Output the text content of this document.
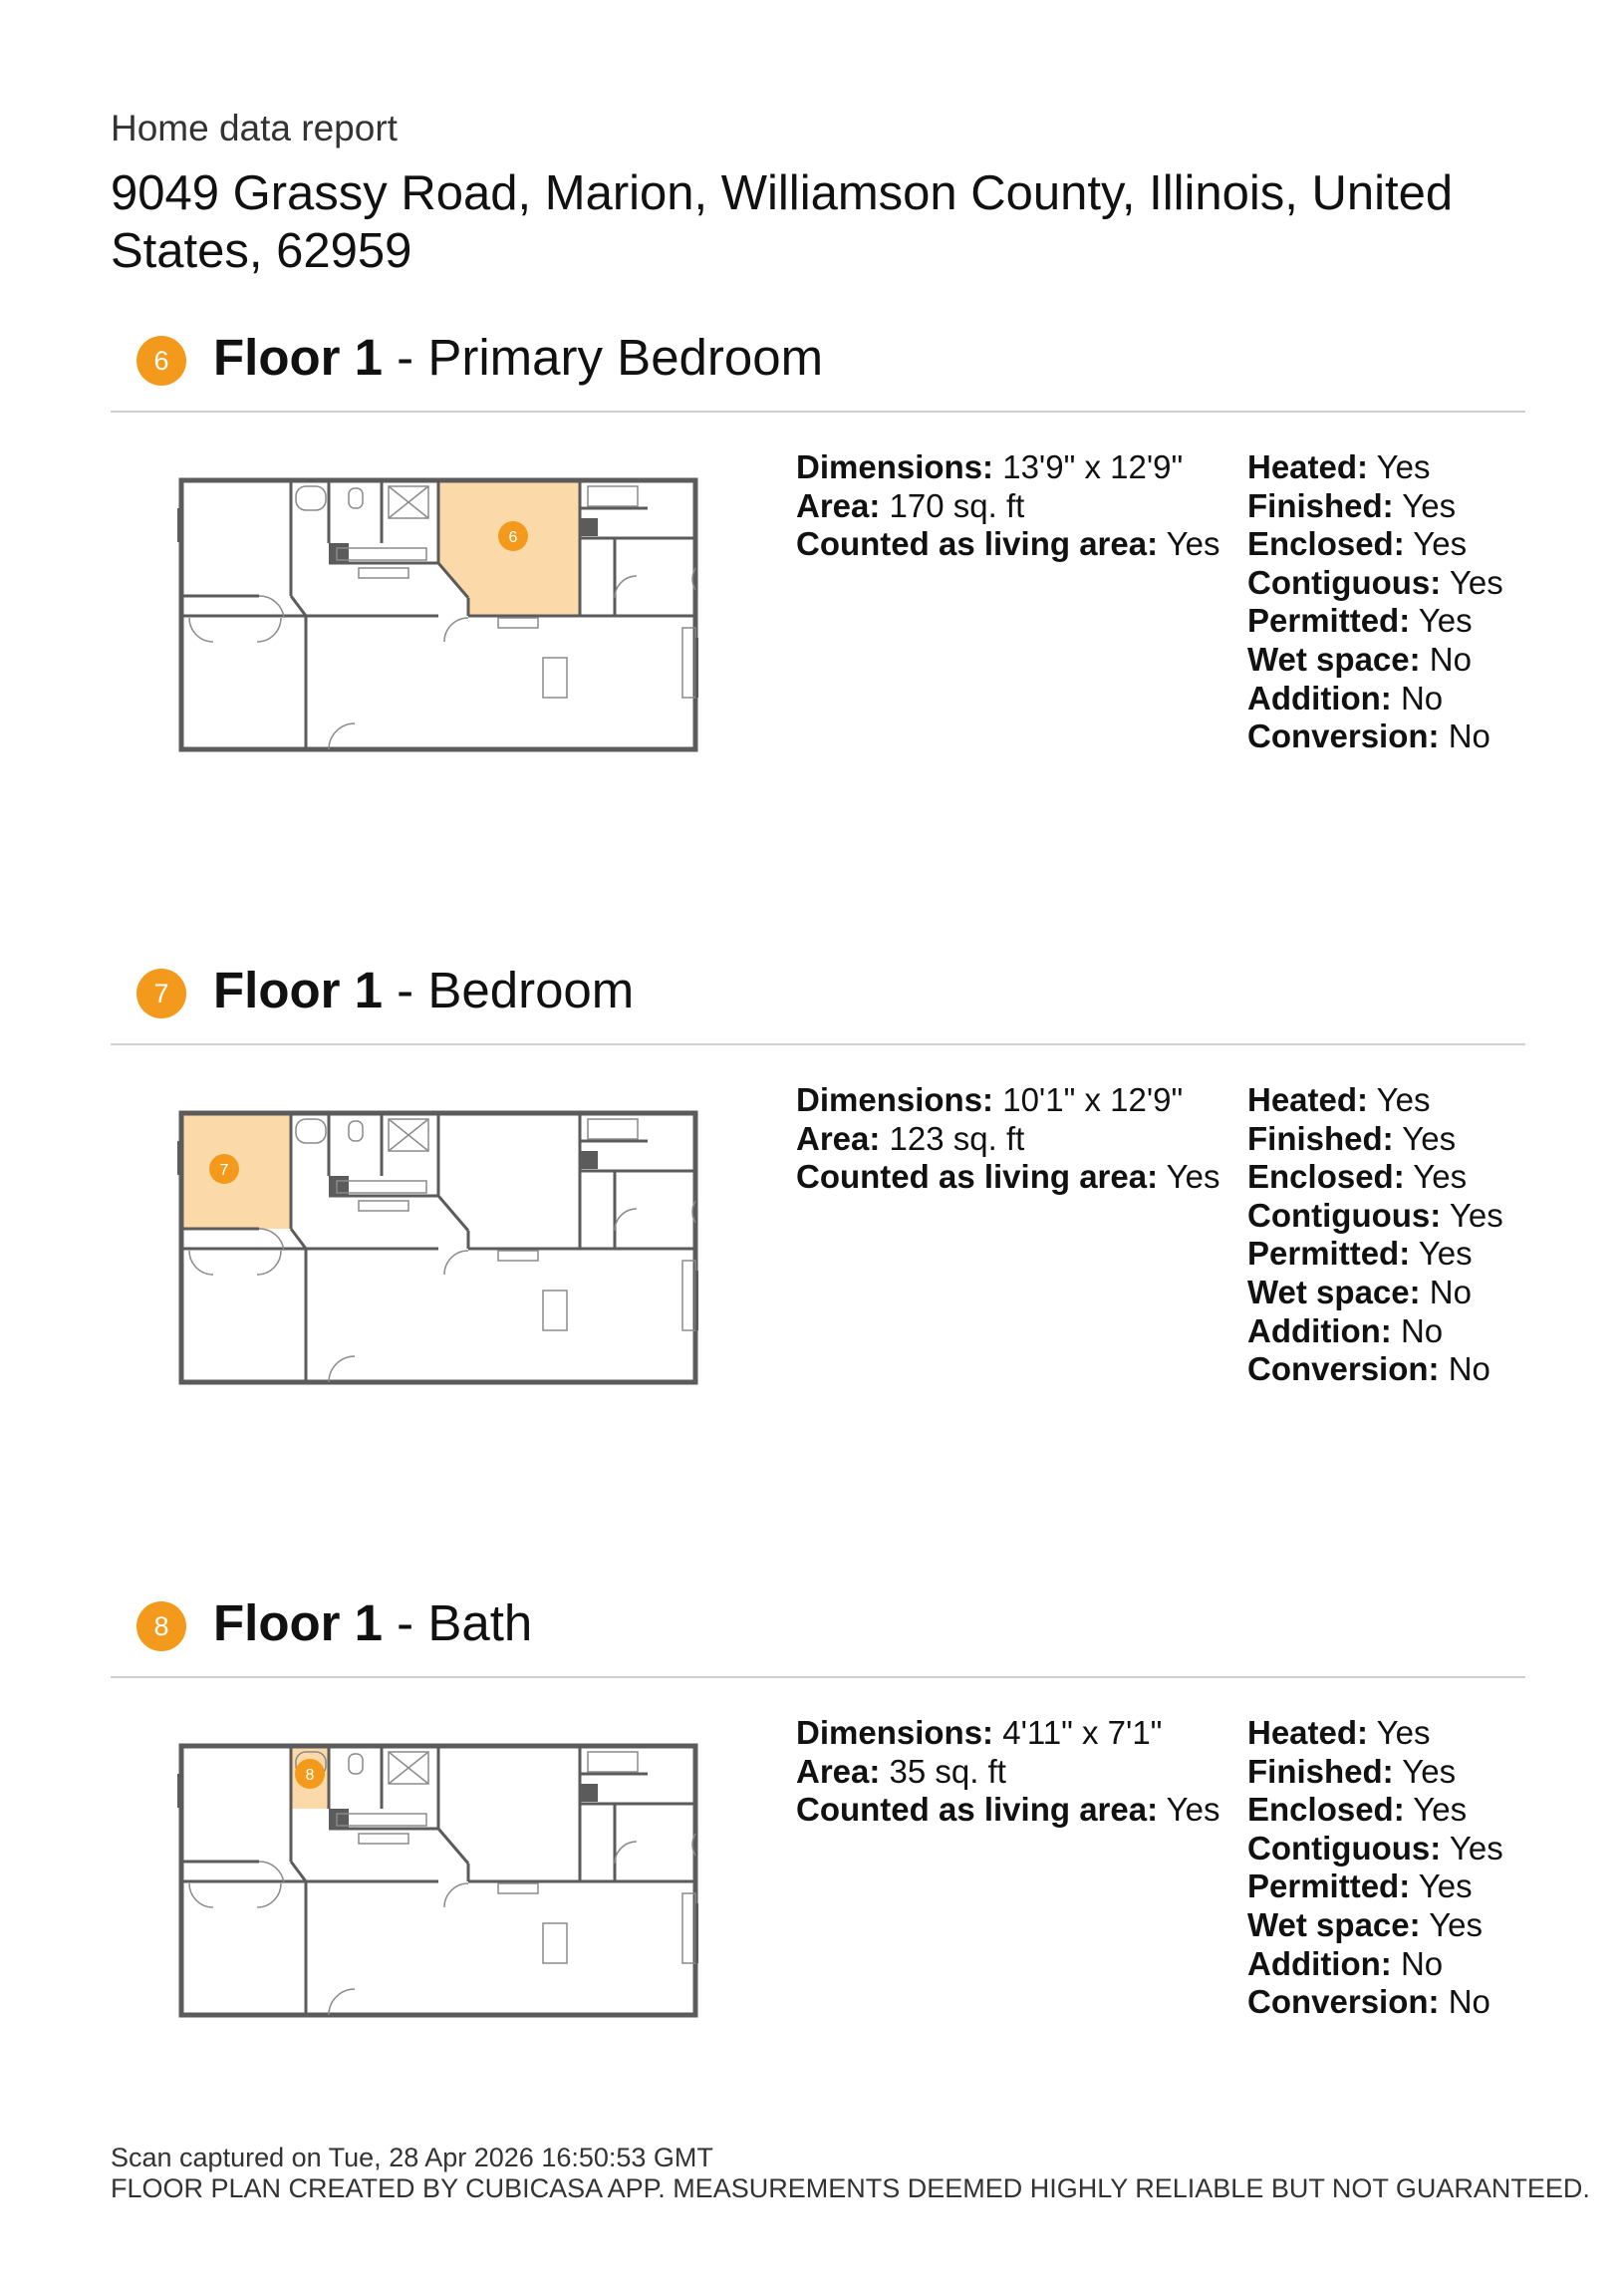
Home data report
9049 Grassy Road, Marion, Williamson County, Illinois, United States, 62959
6 Floor 1 - Primary Bedroom
6
Dimensions: 13'9" x 12'9"
Area: 170 sq. ft
Counted as living area: Yes
Heated: Yes
Finished: Yes
Enclosed: Yes
Contiguous: Yes
Permitted: Yes
Wet space: No
Addition: No
Conversion: No
7 Floor 1 - Bedroom
7
Dimensions: 10'1" x 12'9"
Area: 123 sq. ft
Counted as living area: Yes
Heated: Yes
Finished: Yes
Enclosed: Yes
Contiguous: Yes
Permitted: Yes
Wet space: No
Addition: No
Conversion: No
8 Floor 1 - Bath
8
Dimensions: 4'11" x 7'1"
Area: 35 sq. ft
Counted as living area: Yes
Heated: Yes
Finished: Yes
Enclosed: Yes
Contiguous: Yes
Permitted: Yes
Wet space: Yes
Addition: No
Conversion: No
Scan captured on Tue, 28 Apr 2026 16:50:53 GMT
FLOOR PLAN CREATED BY CUBICASA APP. MEASUREMENTS DEEMED HIGHLY RELIABLE BUT NOT GUARANTEED.
